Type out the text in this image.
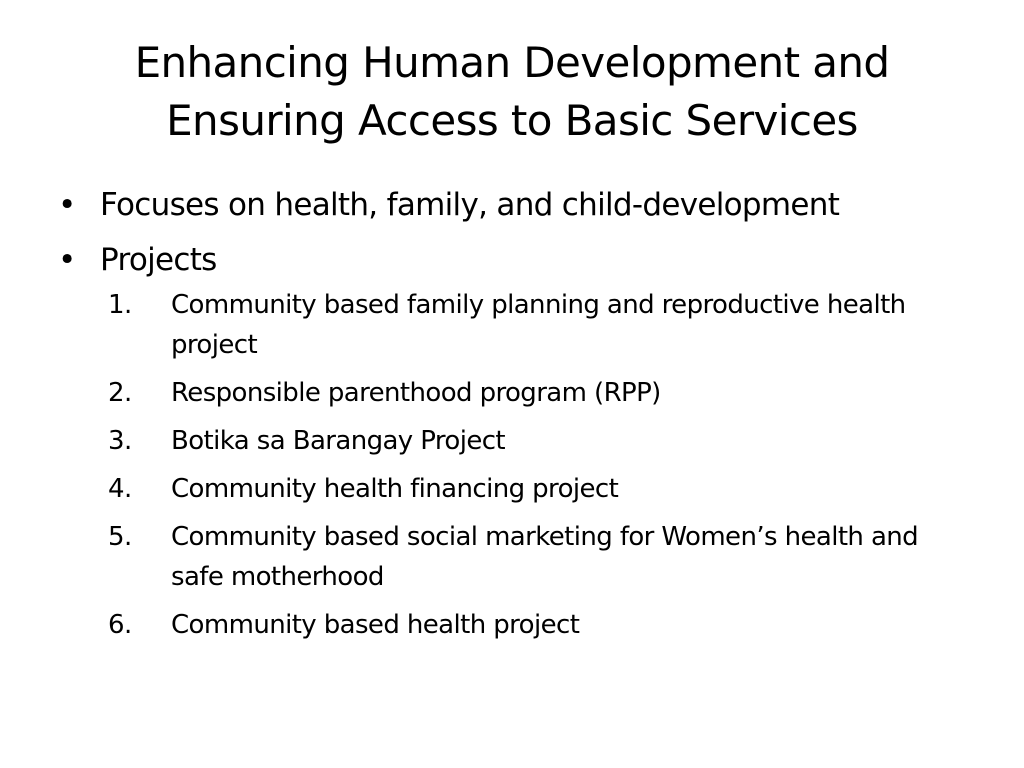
Enhancing Human Development and
Ensuring Access to Basic Services
• Focuses on health, family, and child-development
• Projects
1.	Community based family planning and reproductive health project
2.	Responsible parenthood program (RPP)
3.	Botika sa Barangay Project
4.	Community health financing project
5.	Community based social marketing for Women’s health and safe motherhood
6.	Community based health project
